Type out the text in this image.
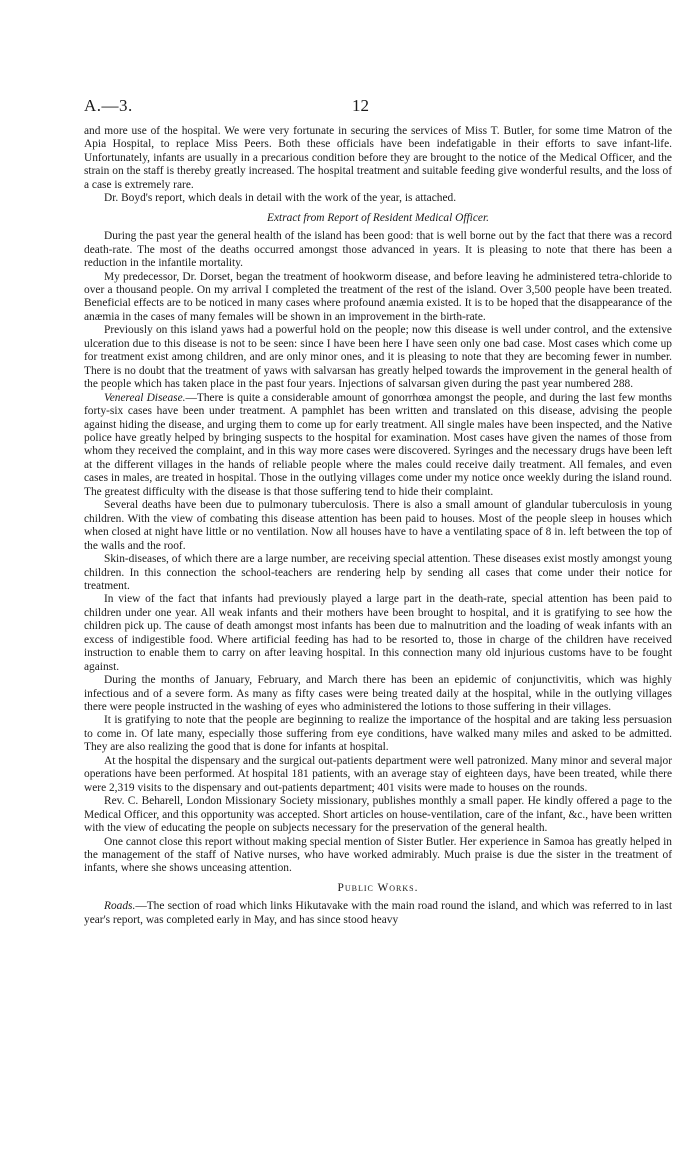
A.—3.	12

and more use of the hospital. We were very fortunate in securing the services of Miss T. Butler, for some time Matron of the Apia Hospital, to replace Miss Peers. Both these officials have been indefatigable in their efforts to save infant-life. Unfortunately, infants are usually in a precarious condition before they are brought to the notice of the Medical Officer, and the strain on the staff is thereby greatly increased. The hospital treatment and suitable feeding give wonderful results, and the loss of a case is extremely rare.

Dr. Boyd's report, which deals in detail with the work of the year, is attached.

Extract from Report of Resident Medical Officer.

During the past year the general health of the island has been good: that is well borne out by the fact that there was a record death-rate. The most of the deaths occurred amongst those advanced in years. It is pleasing to note that there has been a reduction in the infantile mortality.

My predecessor, Dr. Dorset, began the treatment of hookworm disease, and before leaving he administered tetra-chloride to over a thousand people. On my arrival I completed the treatment of the rest of the island. Over 3,500 people have been treated. Beneficial effects are to be noticed in many cases where profound anæmia existed. It is to be hoped that the disappearance of the anæmia in the cases of many females will be shown in an improvement in the birth-rate.

Previously on this island yaws had a powerful hold on the people; now this disease is well under control, and the extensive ulceration due to this disease is not to be seen: since I have been here I have seen only one bad case. Most cases which come up for treatment exist among children, and are only minor ones, and it is pleasing to note that they are becoming fewer in number. There is no doubt that the treatment of yaws with salvarsan has greatly helped towards the improvement in the general health of the people which has taken place in the past four years. Injections of salvarsan given during the past year numbered 288.

Venereal Disease.—There is quite a considerable amount of gonorrhœa amongst the people, and during the last few months forty-six cases have been under treatment. A pamphlet has been written and translated on this disease, advising the people against hiding the disease, and urging them to come up for early treatment. All single males have been inspected, and the Native police have greatly helped by bringing suspects to the hospital for examination. Most cases have given the names of those from whom they received the complaint, and in this way more cases were discovered. Syringes and the necessary drugs have been left at the different villages in the hands of reliable people where the males could receive daily treatment. All females, and even cases in males, are treated in hospital. Those in the outlying villages come under my notice once weekly during the island round. The greatest difficulty with the disease is that those suffering tend to hide their complaint.

Several deaths have been due to pulmonary tuberculosis. There is also a small amount of glandular tuberculosis in young children. With the view of combating this disease attention has been paid to houses. Most of the people sleep in houses which when closed at night have little or no ventilation. Now all houses have to have a ventilating space of 8 in. left between the top of the walls and the roof.

Skin-diseases, of which there are a large number, are receiving special attention. These diseases exist mostly amongst young children. In this connection the school-teachers are rendering help by sending all cases that come under their notice for treatment.

In view of the fact that infants had previously played a large part in the death-rate, special attention has been paid to children under one year. All weak infants and their mothers have been brought to hospital, and it is gratifying to see how the children pick up. The cause of death amongst most infants has been due to malnutrition and the loading of weak infants with an excess of indigestible food. Where artificial feeding has had to be resorted to, those in charge of the children have received instruction to enable them to carry on after leaving hospital. In this connection many old injurious customs have to be fought against.

During the months of January, February, and March there has been an epidemic of conjunctivitis, which was highly infectious and of a severe form. As many as fifty cases were being treated daily at the hospital, while in the outlying villages there were people instructed in the washing of eyes who administered the lotions to those suffering in their villages.

It is gratifying to note that the people are beginning to realize the importance of the hospital and are taking less persuasion to come in. Of late many, especially those suffering from eye conditions, have walked many miles and asked to be admitted. They are also realizing the good that is done for infants at hospital.

At the hospital the dispensary and the surgical out-patients department were well patronized. Many minor and several major operations have been performed. At hospital 181 patients, with an average stay of eighteen days, have been treated, while there were 2,319 visits to the dispensary and out-patients department; 401 visits were made to houses on the rounds.

Rev. C. Beharell, London Missionary Society missionary, publishes monthly a small paper. He kindly offered a page to the Medical Officer, and this opportunity was accepted. Short articles on house-ventilation, care of the infant, &c., have been written with the view of educating the people on subjects necessary for the preservation of the general health.

One cannot close this report without making special mention of Sister Butler. Her experience in Samoa has greatly helped in the management of the staff of Native nurses, who have worked admirably. Much praise is due the sister in the treatment of infants, where she shows unceasing attention.

Public Works.

Roads.—The section of road which links Hikutavake with the main road round the island, and which was referred to in last year's report, was completed early in May, and has since stood heavy
